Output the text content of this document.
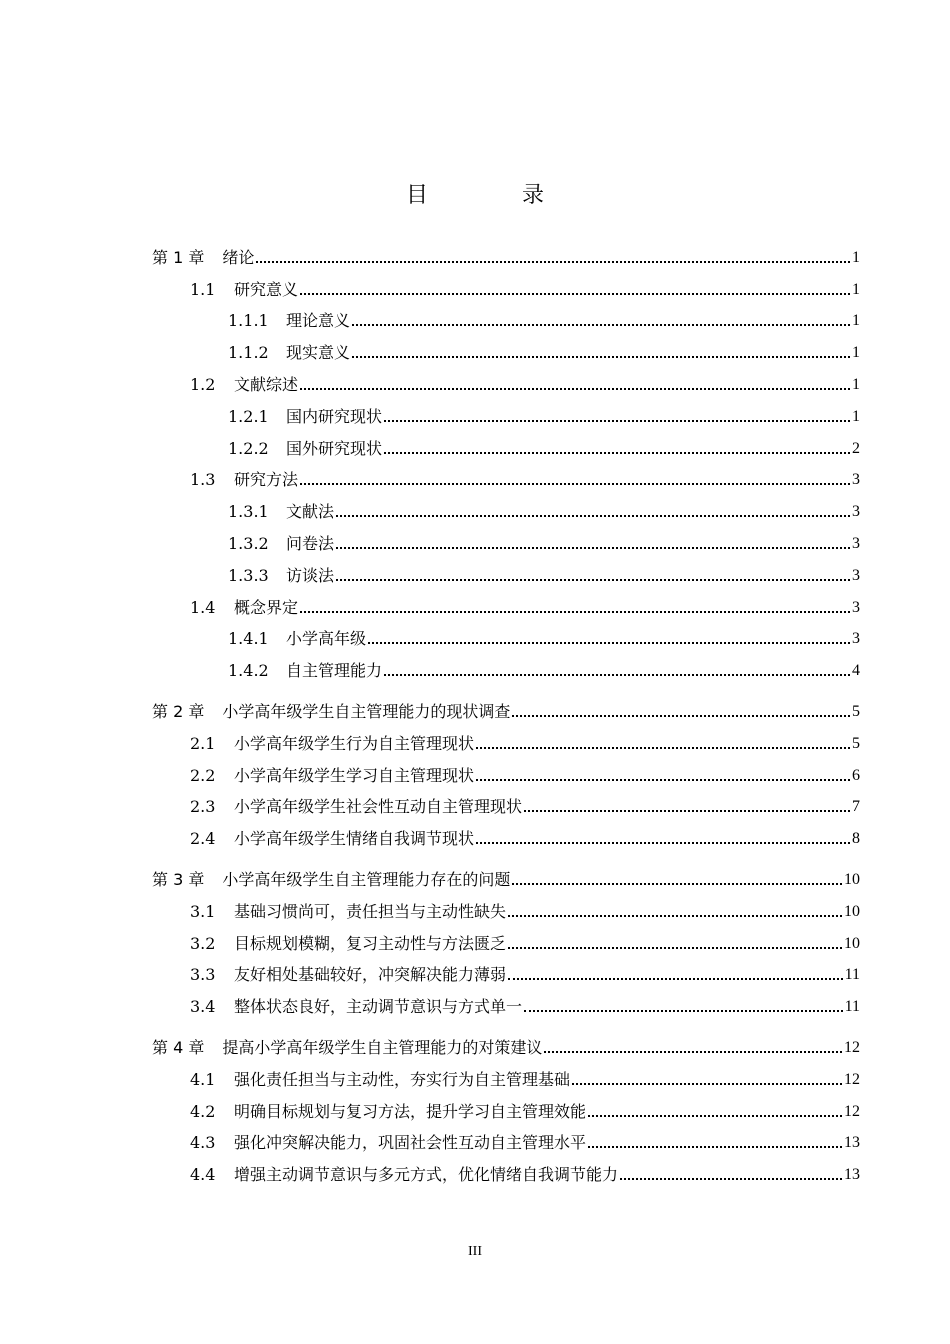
目　录
第 1 章 绪论	1
1.1	研究意义	1
1.1.1	理论意义	1
1.1.2	现实意义	1
1.2	文献综述	1
1.2.1	国内研究现状	1
1.2.2	国外研究现状	2
1.3	研究方法	3
1.3.1	文献法	3
1.3.2	问卷法	3
1.3.3	访谈法	3
1.4	概念界定	3
1.4.1	小学高年级	3
1.4.2	自主管理能力	4
第 2 章 小学高年级学生自主管理能力的现状调查	5
2.1	小学高年级学生行为自主管理现状	5
2.2	小学高年级学生学习自主管理现状	6
2.3	小学高年级学生社会性互动自主管理现状	7
2.4	小学高年级学生情绪自我调节现状	8
第 3 章 小学高年级学生自主管理能力存在的问题	10
3.1	基础习惯尚可，责任担当与主动性缺失	10
3.2	目标规划模糊，复习主动性与方法匮乏	10
3.3	友好相处基础较好，冲突解决能力薄弱	11
3.4	整体状态良好，主动调节意识与方式单一	11
第 4 章 提高小学高年级学生自主管理能力的对策建议	12
4.1	强化责任担当与主动性，夯实行为自主管理基础	12
4.2	明确目标规划与复习方法，提升学习自主管理效能	12
4.3	强化冲突解决能力，巩固社会性互动自主管理水平	13
4.4	增强主动调节意识与多元方式，优化情绪自我调节能力	13
III
